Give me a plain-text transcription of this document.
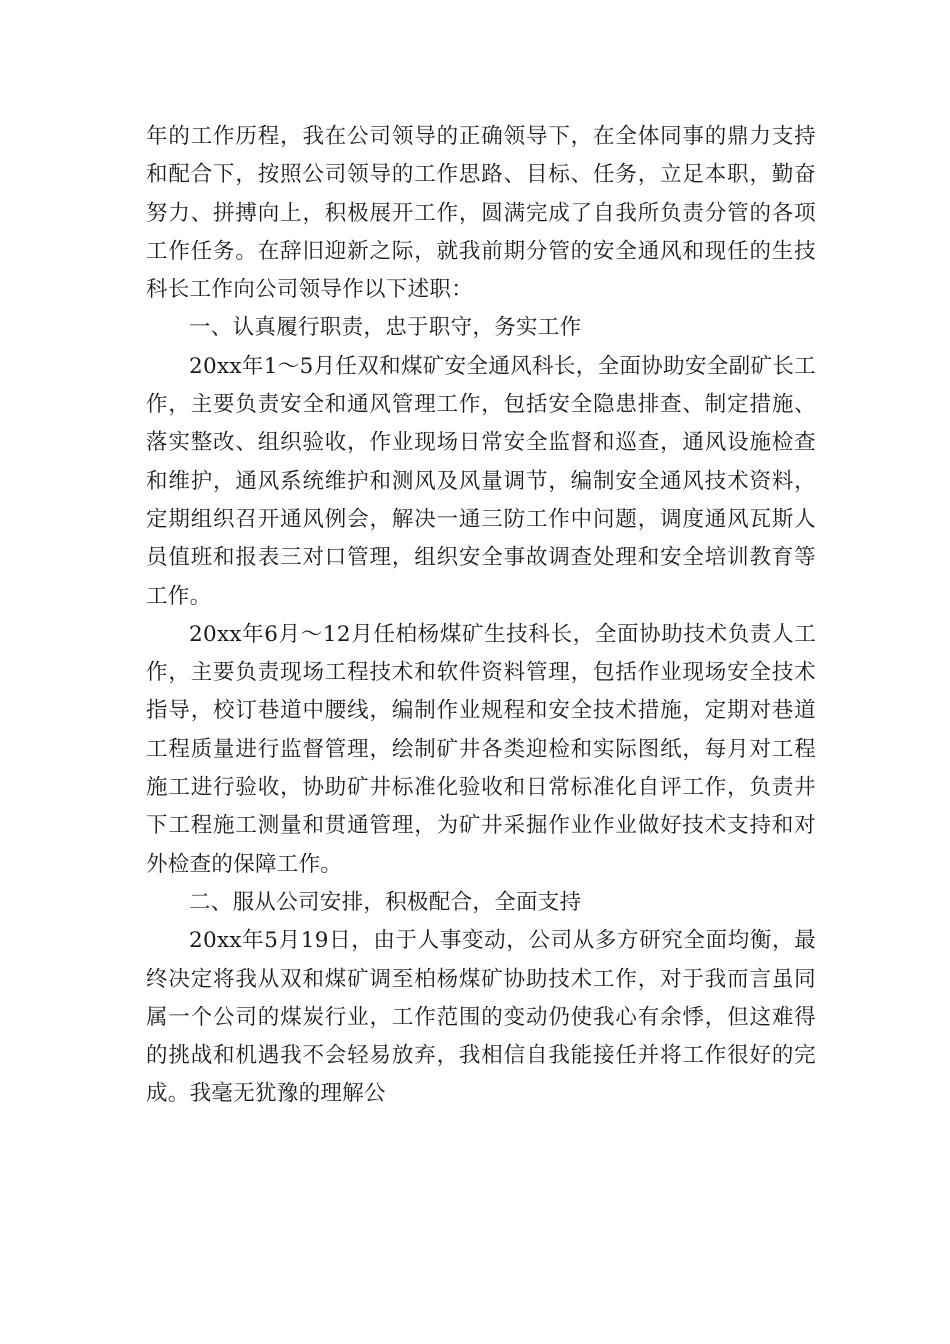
年的工作历程，我在公司领导的正确领导下，在全体同事的鼎力支持和配合下，按照公司领导的工作思路、目标、任务，立足本职，勤奋努力、拼搏向上，积极展开工作，圆满完成了自我所负责分管的各项工作任务。在辞旧迎新之际，就我前期分管的安全通风和现任的生技科长工作向公司领导作以下述职：

一、认真履行职责，忠于职守，务实工作

20xx年1～5月任双和煤矿安全通风科长，全面协助安全副矿长工作，主要负责安全和通风管理工作，包括安全隐患排查、制定措施、落实整改、组织验收，作业现场日常安全监督和巡查，通风设施检查和维护，通风系统维护和测风及风量调节，编制安全通风技术资料，定期组织召开通风例会，解决一通三防工作中问题，调度通风瓦斯人员值班和报表三对口管理，组织安全事故调查处理和安全培训教育等工作。

20xx年6月～12月任柏杨煤矿生技科长，全面协助技术负责人工作，主要负责现场工程技术和软件资料管理，包括作业现场安全技术指导，校订巷道中腰线，编制作业规程和安全技术措施，定期对巷道工程质量进行监督管理，绘制矿井各类迎检和实际图纸，每月对工程施工进行验收，协助矿井标准化验收和日常标准化自评工作，负责井下工程施工测量和贯通管理，为矿井采掘作业作业做好技术支持和对外检查的保障工作。

二、服从公司安排，积极配合，全面支持

20xx年5月19日，由于人事变动，公司从多方研究全面均衡，最终决定将我从双和煤矿调至柏杨煤矿协助技术工作，对于我而言虽同属一个公司的煤炭行业，工作范围的变动仍使我心有余悸，但这难得的挑战和机遇我不会轻易放弃，我相信自我能接任并将工作很好的完成。我毫无犹豫的理解公
